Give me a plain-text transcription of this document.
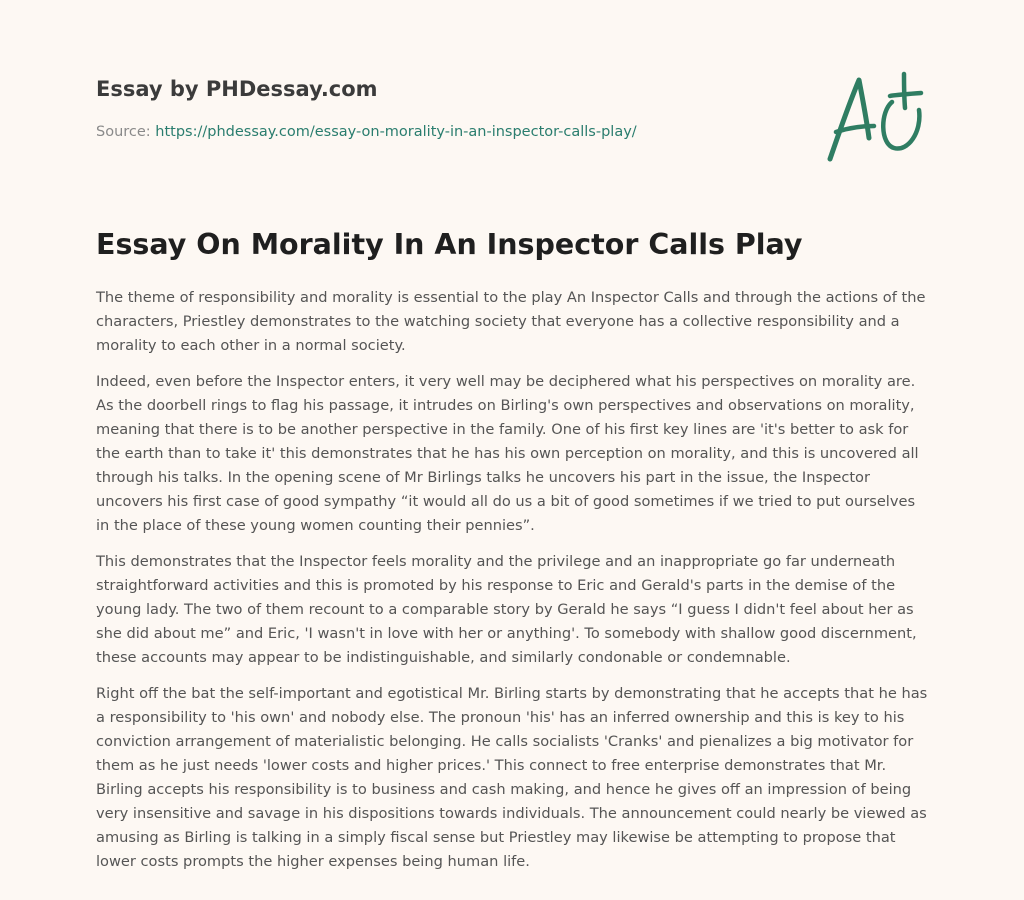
Essay by PHDessay.com
Source: https://phdessay.com/essay-on-morality-in-an-inspector-calls-play/
Essay On Morality In An Inspector Calls Play

The theme of responsibility and morality is essential to the play An Inspector Calls and through the actions of the characters, Priestley demonstrates to the watching society that everyone has a collective responsibility and a morality to each other in a normal society.

Indeed, even before the Inspector enters, it very well may be deciphered what his perspectives on morality are. As the doorbell rings to flag his passage, it intrudes on Birling's own perspectives and observations on morality, meaning that there is to be another perspective in the family. One of his first key lines are 'it's better to ask for the earth than to take it' this demonstrates that he has his own perception on morality, and this is uncovered all through his talks. In the opening scene of Mr Birlings talks he uncovers his part in the issue, the Inspector uncovers his first case of good sympathy “it would all do us a bit of good sometimes if we tried to put ourselves in the place of these young women counting their pennies”.

This demonstrates that the Inspector feels morality and the privilege and an inappropriate go far underneath straightforward activities and this is promoted by his response to Eric and Gerald's parts in the demise of the young lady. The two of them recount to a comparable story by Gerald he says “I guess I didn't feel about her as she did about me” and Eric, 'I wasn't in love with her or anything'. To somebody with shallow good discernment, these accounts may appear to be indistinguishable, and similarly condonable or condemnable.

Right off the bat the self-important and egotistical Mr. Birling starts by demonstrating that he accepts that he has a responsibility to 'his own' and nobody else. The pronoun 'his' has an inferred ownership and this is key to his conviction arrangement of materialistic belonging. He calls socialists 'Cranks' and pienalizes a big motivator for them as he just needs 'lower costs and higher prices.' This connect to free enterprise demonstrates that Mr. Birling accepts his responsibility is to business and cash making, and hence he gives off an impression of being very insensitive and savage in his dispositions towards individuals. The announcement could nearly be viewed as amusing as Birling is talking in a simply fiscal sense but Priestley may likewise be attempting to propose that lower costs prompts the higher expenses being human life.
